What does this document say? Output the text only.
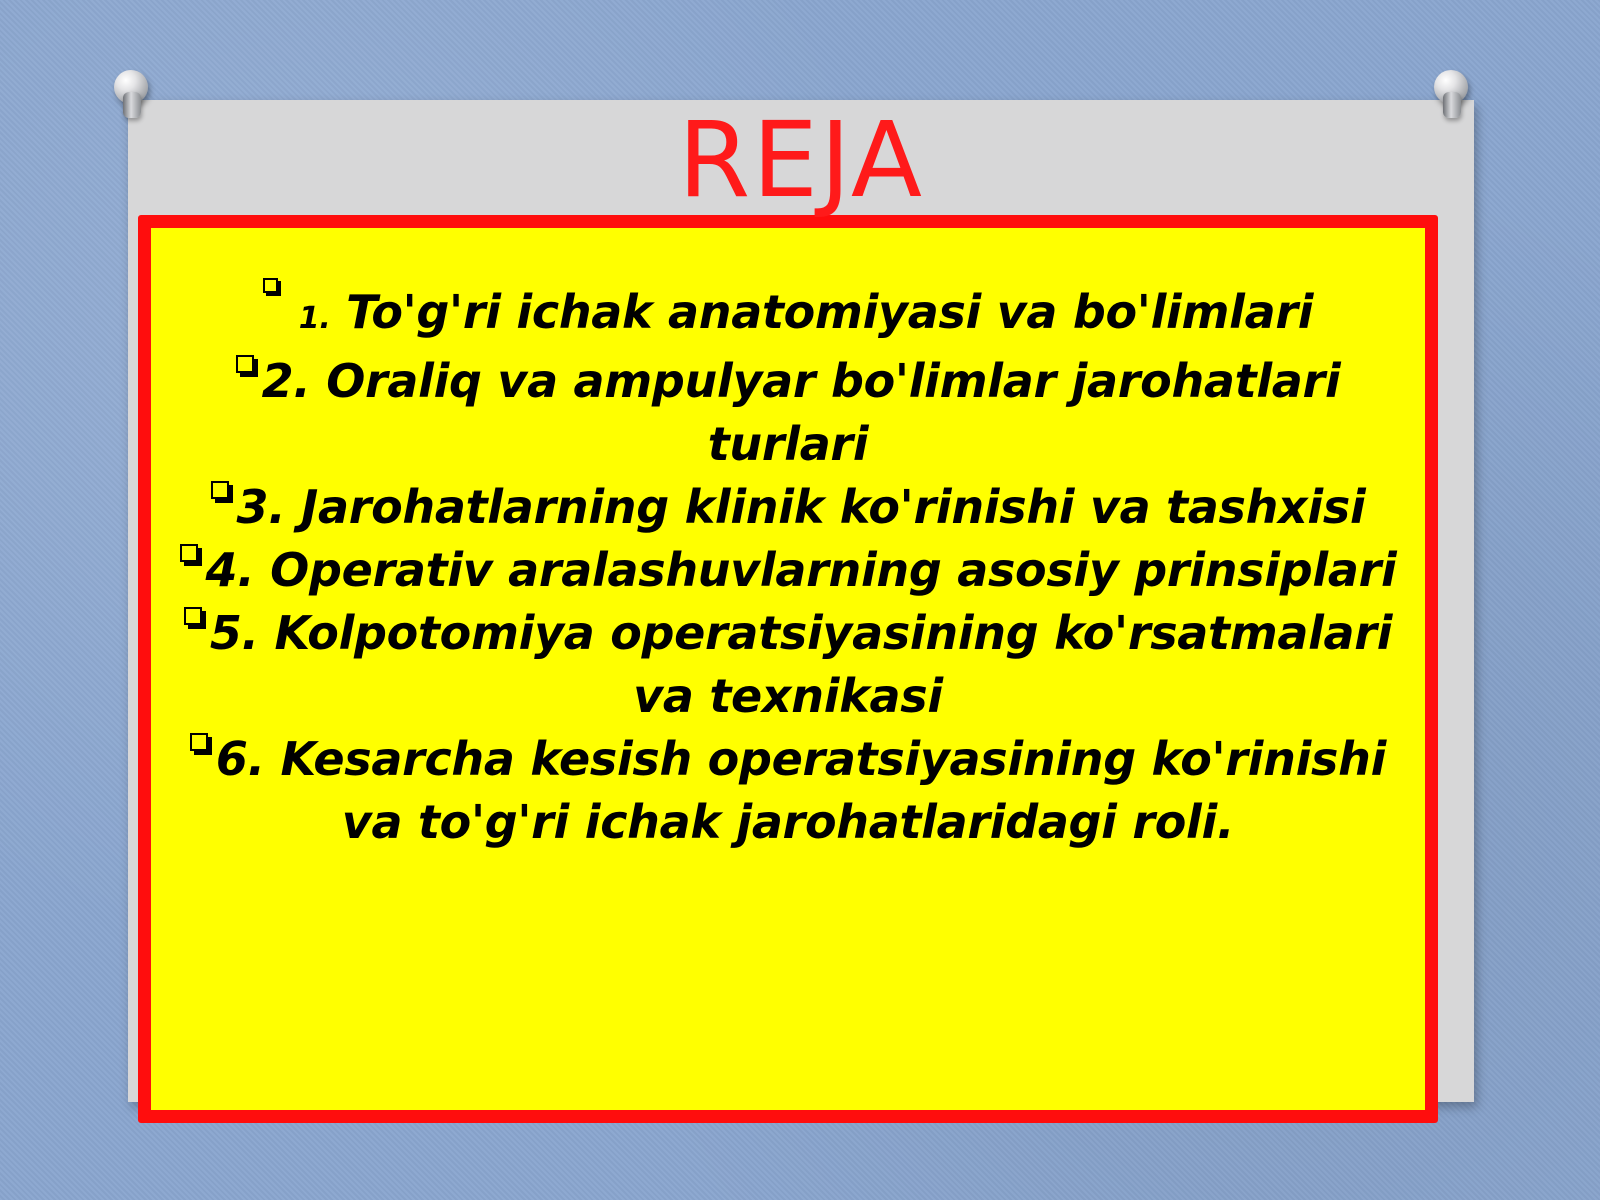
REJA
1. To'g'ri ichak anatomiyasi va bo'limlari
2. Oraliq va ampulyar bo'limlar jarohatlari turlari
3. Jarohatlarning klinik ko'rinishi va tashxisi
4. Operativ aralashuvlarning asosiy prinsiplari
5. Kolpotomiya operatsiyasining ko'rsatmalari va texnikasi
6. Kesarcha kesish operatsiyasining ko'rinishi va to'g'ri ichak jarohatlaridagi roli.
